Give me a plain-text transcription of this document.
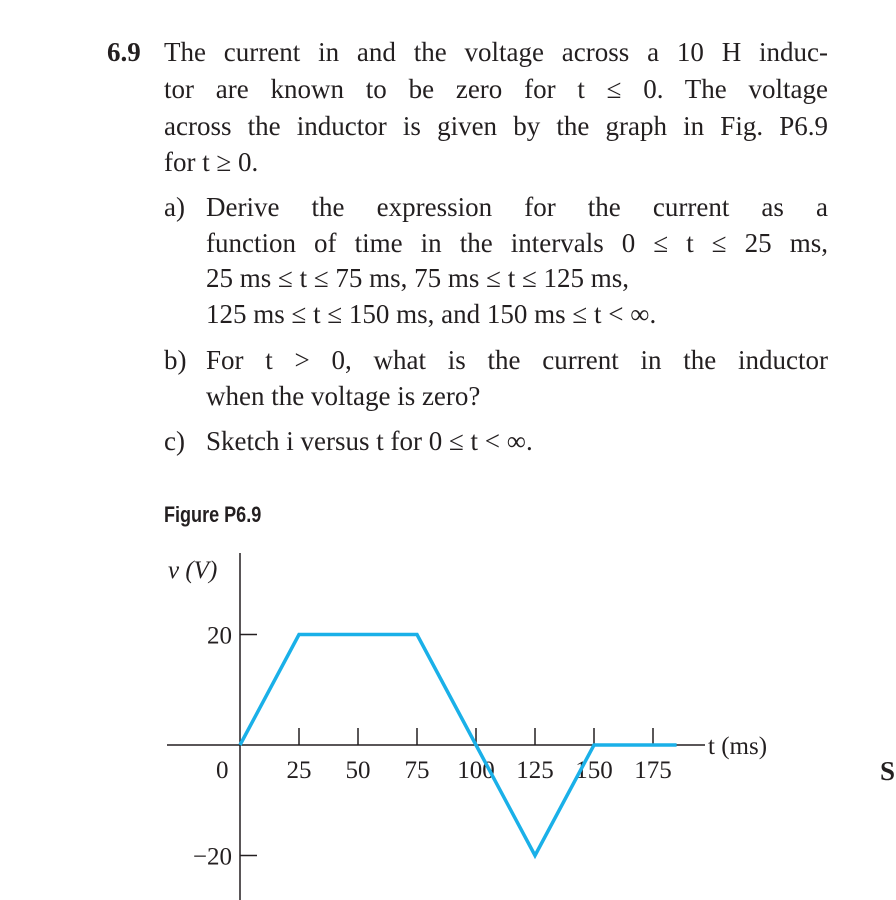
6.9 The current in and the voltage across a 10 H induc-
tor are known to be zero for t ≤ 0. The voltage
across the inductor is given by the graph in Fig. P6.9
for t ≥ 0.
a) Derive the expression for the current as a
function of time in the intervals 0 ≤ t ≤ 25 ms,
25 ms ≤ t ≤ 75 ms, 75 ms ≤ t ≤ 125 ms,
125 ms ≤ t ≤ 150 ms, and 150 ms ≤ t < ∞.
b) For t > 0, what is the current in the inductor
when the voltage is zero?
c) Sketch i versus t for 0 ≤ t < ∞.
Figure P6.9
S
25 50 75 100 125 150 175
20
−20
v (V)
t (ms)
0
